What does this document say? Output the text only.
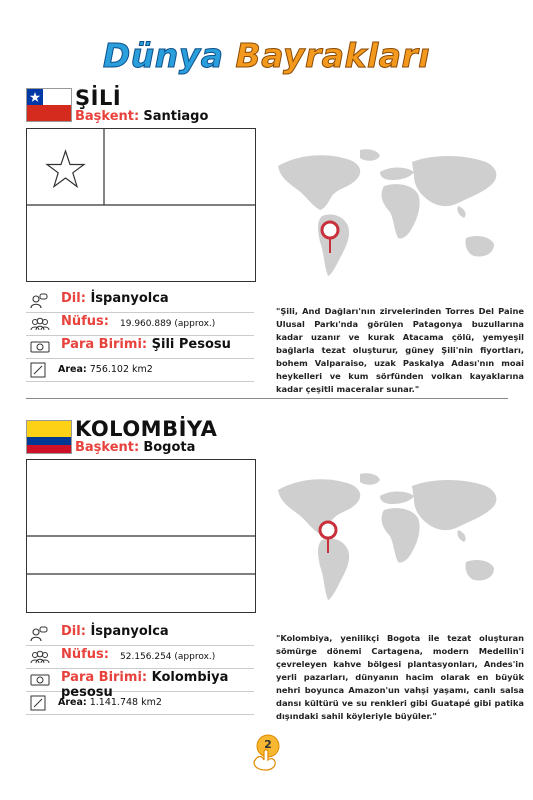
Dünya Bayrakları
ŞİLİ
Başkent: Santiago
Dil: İspanyolca
Nüfus: 19.960.889 (approx.)
Para Birimi: Şili Pesosu
Area: 756.102 km2
"Şili, And Dağları'nın zirvelerinden Torres Del Paine Ulusal Parkı'nda görülen Patagonya buzullarına kadar uzanır ve kurak Atacama çölü, yemyeşil bağlarla tezat oluşturur, güney Şili'nin fiyortları, bohem Valparaiso, uzak Paskalya Adası'nın moai heykelleri ve kum sörfünden volkan kayaklarına kadar çeşitli maceralar sunar."
KOLOMBİYA
Başkent: Bogota
Dil: İspanyolca
Nüfus: 52.156.254 (approx.)
Para Birimi: Kolombiya pesosu
Area: 1.141.748 km2
"Kolombiya, yenilikçi Bogota ile tezat oluşturan sömürge dönemi Cartagena, modern Medellin'i çevreleyen kahve bölgesi plantasyonları, Andes'in yerli pazarları, dünyanın hacim olarak en büyük nehri boyunca Amazon'un vahşi yaşamı, canlı salsa dansı kültürü ve su renkleri gibi Guatapé gibi patika dışındaki sahil köyleriyle büyüler."
2
